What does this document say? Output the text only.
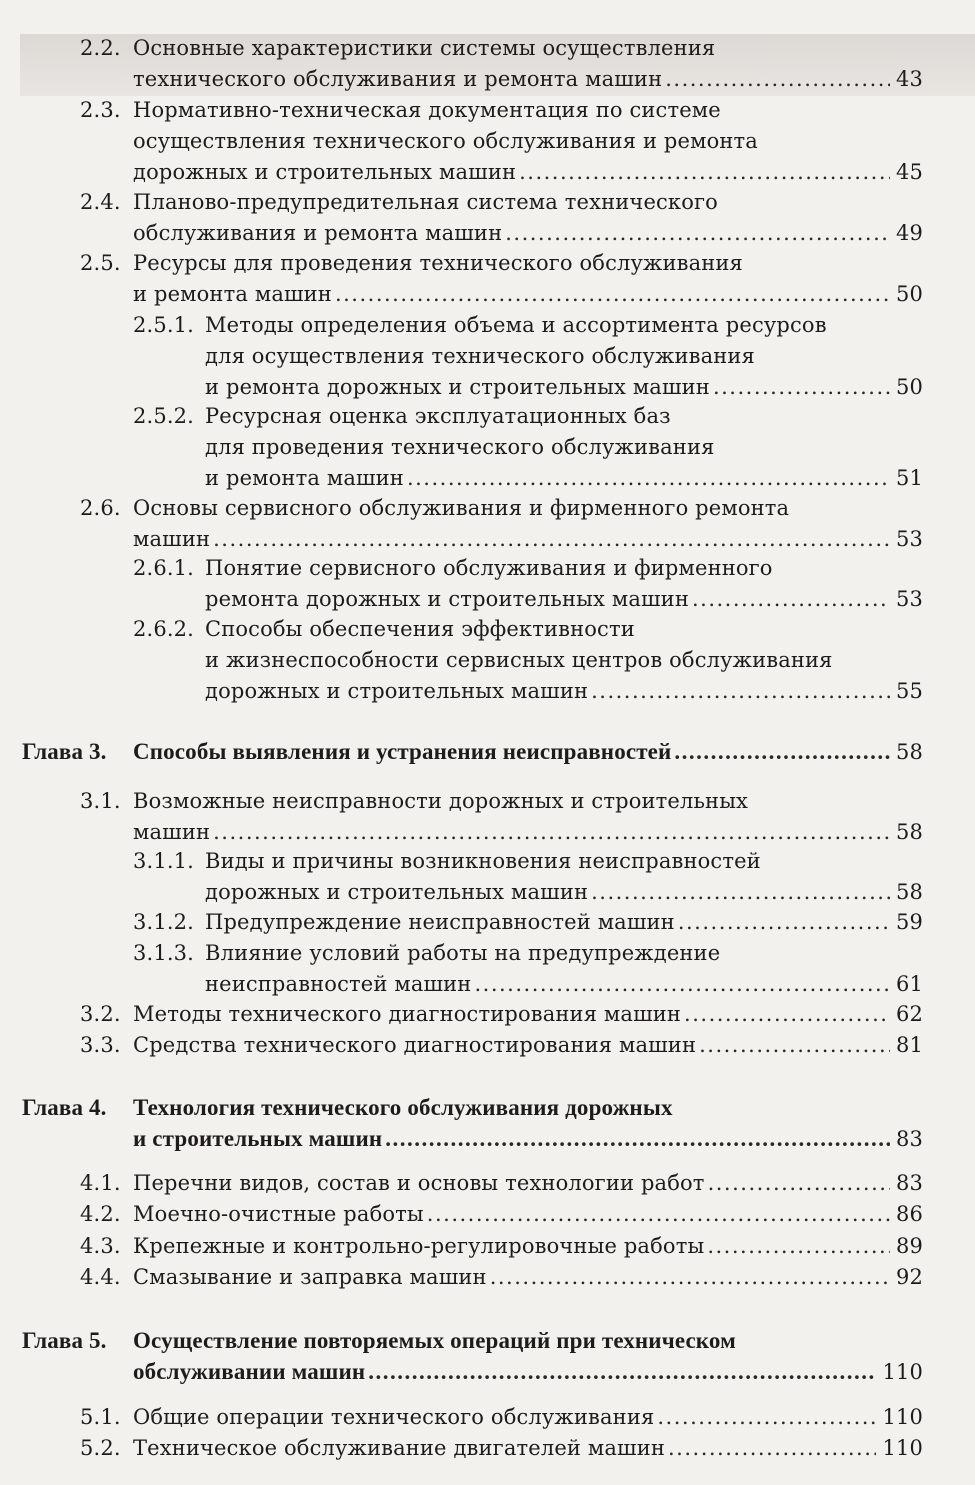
2.2. Основные характеристики системы осуществления
технического обслуживания и ремонта машин .....	43
2.3. Нормативно-техническая документация по системе
осуществления технического обслуживания и ремонта
дорожных и строительных машин .....	45
2.4. Планово-предупредительная система технического
обслуживания и ремонта машин .....	49
2.5. Ресурсы для проведения технического обслуживания
и ремонта машин .....	50
2.5.1. Методы определения объема и ассортимента ресурсов
для осуществления технического обслуживания
и ремонта дорожных и строительных машин .....	50
2.5.2. Ресурсная оценка эксплуатационных баз
для проведения технического обслуживания
и ремонта машин .....	51
2.6. Основы сервисного обслуживания и фирменного ремонта
машин .....	53
2.6.1. Понятие сервисного обслуживания и фирменного
ремонта дорожных и строительных машин .....	53
2.6.2. Способы обеспечения эффективности
и жизнеспособности сервисных центров обслуживания
дорожных и строительных машин .....	55
Глава 3. Способы выявления и устранения неисправностей .....	58
3.1. Возможные неисправности дорожных и строительных
машин .....	58
3.1.1. Виды и причины возникновения неисправностей
дорожных и строительных машин .....	58
3.1.2. Предупреждение неисправностей машин .....	59
3.1.3. Влияние условий работы на предупреждение
неисправностей машин .....	61
3.2. Методы технического диагностирования машин .....	62
3.3. Средства технического диагностирования машин .....	81
Глава 4. Технология технического обслуживания дорожных
и строительных машин .....	83
4.1. Перечни видов, состав и основы технологии работ .....	83
4.2. Моечно-очистные работы .....	86
4.3. Крепежные и контрольно-регулировочные работы .....	89
4.4. Смазывание и заправка машин .....	92
Глава 5. Осуществление повторяемых операций при техническом
обслуживании машин .....	110
5.1. Общие операции технического обслуживания .....	110
5.2. Техническое обслуживание двигателей машин .....	110
